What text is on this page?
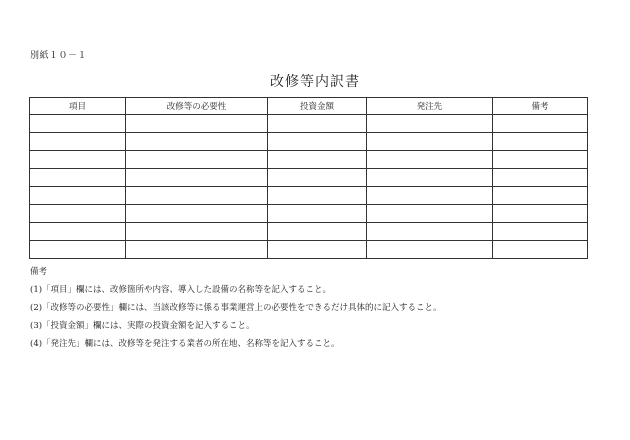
別紙１０－１
改修等内訳書
項目	改修等の必要性	投資金額	発注先	備考

備考
(1)「項目」欄には、改修箇所や内容、導入した設備の名称等を記入すること。
(2)「改修等の必要性」欄には、当該改修等に係る事業運営上の必要性をできるだけ具体的に記入すること。
(3)「投資金額」欄には、実際の投資金額を記入すること。
(4)「発注先」欄には、改修等を発注する業者の所在地、名称等を記入すること。
